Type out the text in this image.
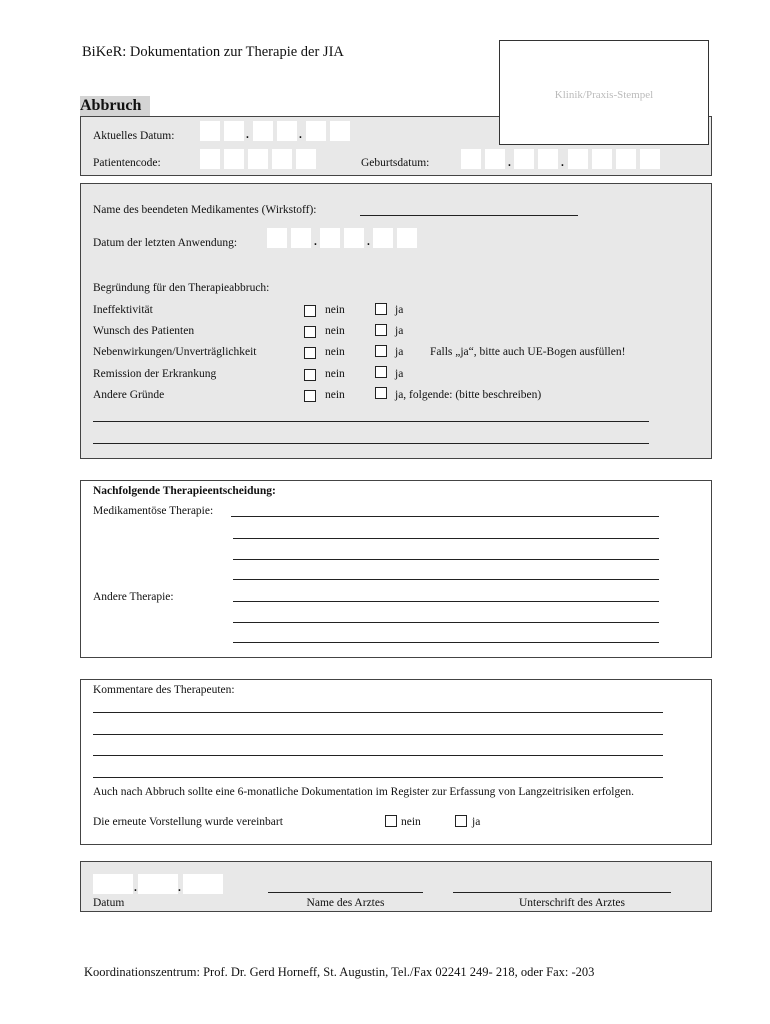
BiKeR: Dokumentation zur Therapie der JIA
Abbruch
Aktuelles Datum:	.	.
Patientencode:	Geburtsdatum:	.	.
Klinik/Praxis-Stempel
Name des beendeten Medikamentes (Wirkstoff):
Datum der letzten Anwendung:	.	.
Begründung für den Therapieabbruch:
Ineffektivität	nein	ja
Wunsch des Patienten	nein	ja
Nebenwirkungen/Unverträglichkeit	nein	ja Falls „ja“, bitte auch UE-Bogen ausfüllen!
Remission der Erkrankung	nein	ja
Andere Gründe	nein	ja, folgende: (bitte beschreiben)
Nachfolgende Therapieentscheidung:
Medikamentöse Therapie:
Andere Therapie:
Kommentare des Therapeuten:
Auch nach Abbruch sollte eine 6-monatliche Dokumentation im Register zur Erfassung von Langzeitrisiken erfolgen.
Die erneute Vorstellung wurde vereinbart	nein	ja
.	.
Datum	Name des Arztes	Unterschrift des Arztes
Koordinationszentrum: Prof. Dr. Gerd Horneff, St. Augustin, Tel./Fax 02241 249- 218, oder Fax: -203
